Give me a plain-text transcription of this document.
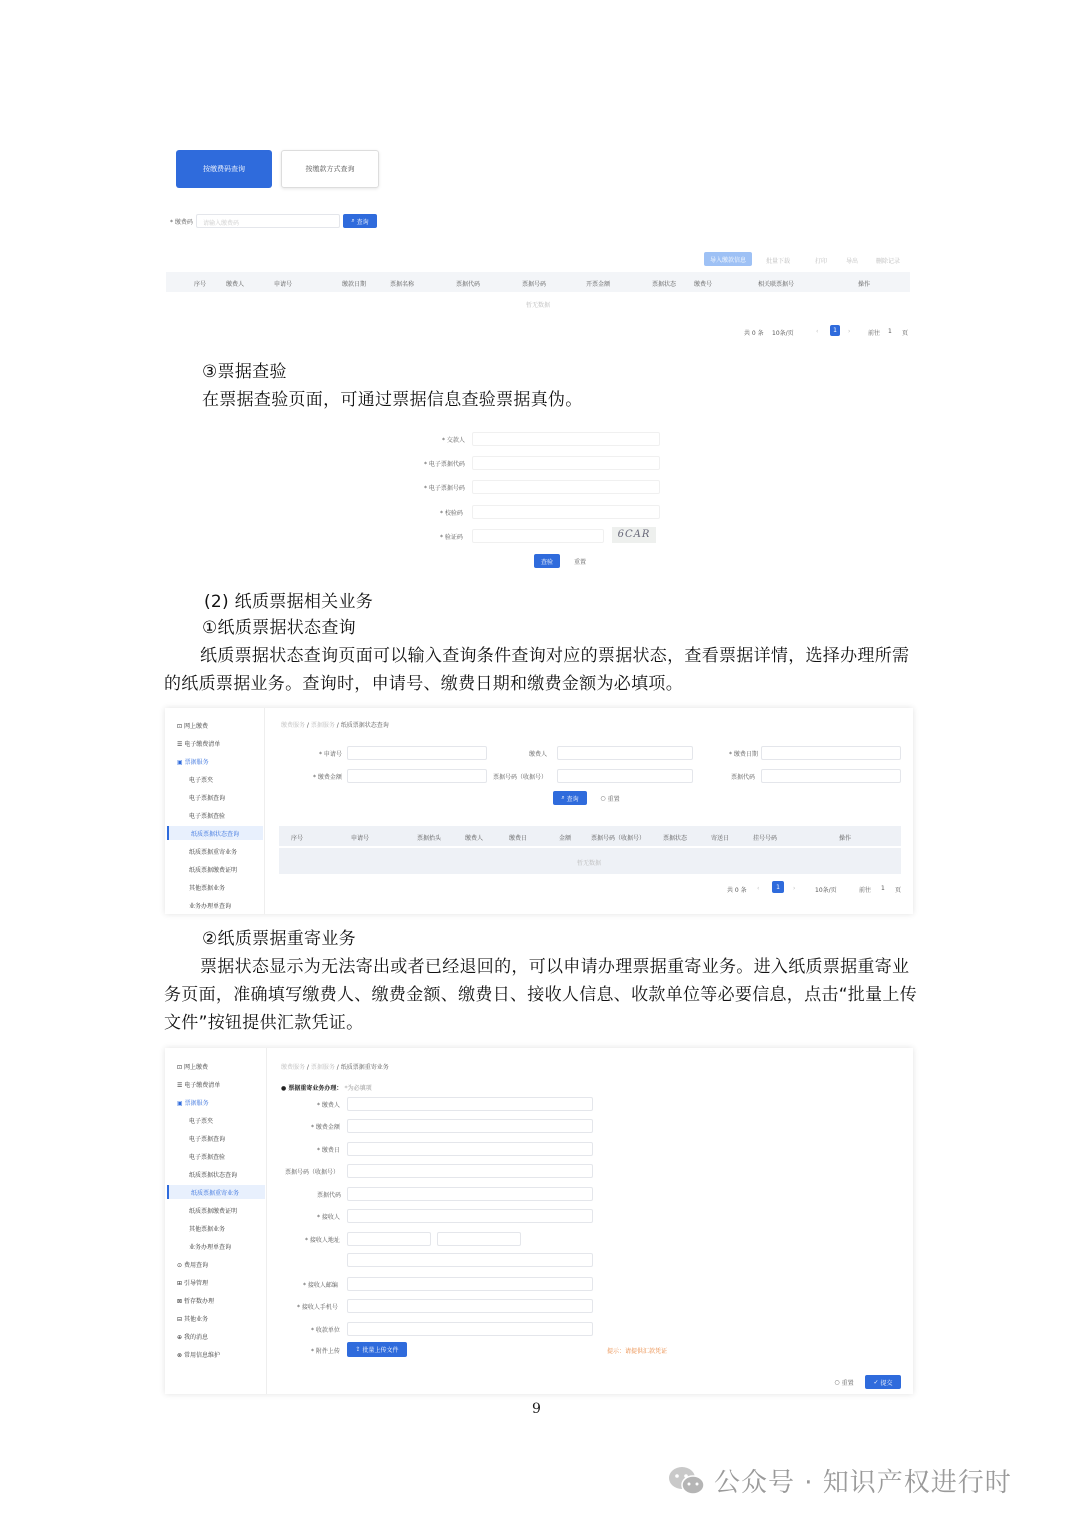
按缴费码查询	按缴款方式查询
* 缴费码 请输入缴费码	⌕ 查询
导入缴款信息	批量下载	打印	导出	删除记录
序号	缴费人	申请号	缴款日期	票据名称	票据代码	票据号码	开票金额	票据状态	缴费号	相关联票据号	操作
暂无数据
共 0 条 10条/页	‹	1	›	前往 1 页
③票据查验
在票据查验页面，可通过票据信息查验票据真伪。
* 交款人
* 电子票据代码
* 电子票据号码
* 校验码
* 验证码	6CAR
查验	重置
(2) 纸质票据相关业务
①纸质票据状态查询
纸质票据状态查询页面可以输入查询条件查询对应的票据状态，查看票据详情，选择办理所需的纸质票据业务。查询时，申请号、缴费日期和缴费金额为必填项。
⊡ 网上缴费
☰ 电子缴费清单
▣ 票据服务
电子票夹
电子票据查询
电子票据查验
纸质票据状态查询
纸质票据重寄业务
纸质票据缴费证明
其他票据业务
业务办理单查询
缴费服务 / 票据服务 / 纸质票据状态查询
* 申请号	缴费人	* 缴费日期
* 缴费金额	票据号码（收据号）	票据代码
⌕ 查询	○ 重置
序号	申请号	票据抬头	缴费人	缴费日	金额	票据号码（收据号）	票据状态	寄送日	挂号号码	操作
暂无数据
共 0 条 ‹	1	›	10条/页	前往 1 页
②纸质票据重寄业务
票据状态显示为无法寄出或者已经退回的，可以申请办理票据重寄业务。进入纸质票据重寄业务页面，准确填写缴费人、缴费金额、缴费日、接收人信息、收款单位等必要信息，点击“批量上传文件”按钮提供汇款凭证。
⊡ 网上缴费
☰ 电子缴费清单
▣ 票据服务
电子票夹
电子票据查询
电子票据查验
纸质票据状态查询
纸质票据重寄业务
纸质票据缴费证明
其他票据业务
业务办理单查询
⊙ 费用查询
⊞ 引导管理
⊠ 暂存数办理
⊟ 其他业务
⊕ 我的消息
⊗ 常用信息维护
缴费服务 / 票据服务 / 纸质票据重寄业务
● 票据重寄业务办理： *为必填项
* 缴费人
* 缴费金额
* 缴费日
票据号码（收据号）
票据代码
* 接收人
* 接收人地址
* 接收人邮编
* 接收人手机号
* 收款单位
* 附件上传	⇪ 批量上传文件	提示：请提供汇款凭证
○ 重置	✓ 提交
9
公众号 · 知识产权进行时
